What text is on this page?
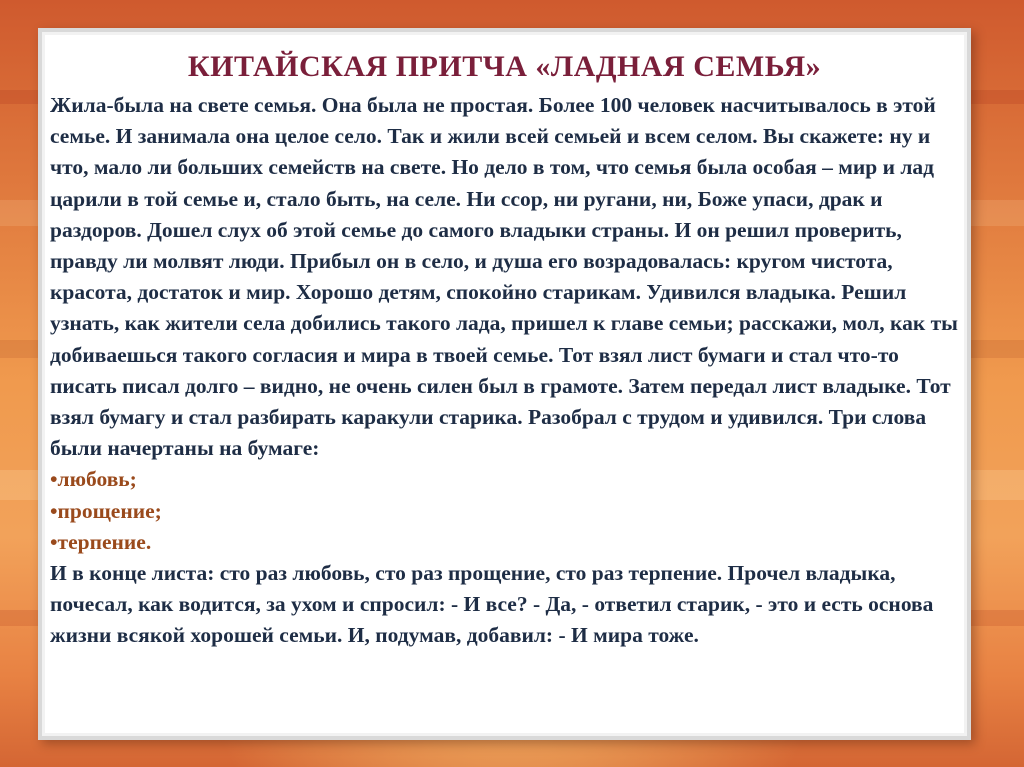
КИТАЙСКАЯ ПРИТЧА «ЛАДНАЯ СЕМЬЯ»

Жила-была на свете семья. Она была не простая. Более 100 человек насчитывалось в этой семье. И занимала она целое село. Так и жили всей семьей и всем селом. Вы скажете: ну и что, мало ли больших семейств на свете. Но дело в том, что семья была особая – мир и лад царили в той семье и, стало быть, на селе. Ни ссор, ни ругани, ни, Боже упаси, драк и раздоров. Дошел слух об этой семье до самого владыки страны. И он решил проверить, правду ли молвят люди. Прибыл он в село, и душа его возрадовалась: кругом чистота, красота, достаток и мир. Хорошо детям, спокойно старикам. Удивился владыка. Решил узнать, как жители села добились такого лада, пришел к главе семьи; расскажи, мол, как ты добиваешься такого согласия и мира в твоей семье. Тот взял лист бумаги и стал что-то писать писал долго – видно, не очень силен был в грамоте. Затем передал лист владыке. Тот взял бумагу и стал разбирать каракули старика. Разобрал с трудом и удивился. Три слова были начертаны на бумаге:

•любовь;

•прощение;

•терпение.

И в конце листа: сто раз любовь, сто раз прощение, сто раз терпение. Прочел владыка, почесал, как водится, за ухом и спросил: - И все? - Да, - ответил старик, - это и есть основа жизни всякой хорошей семьи. И, подумав, добавил: - И мира тоже.
